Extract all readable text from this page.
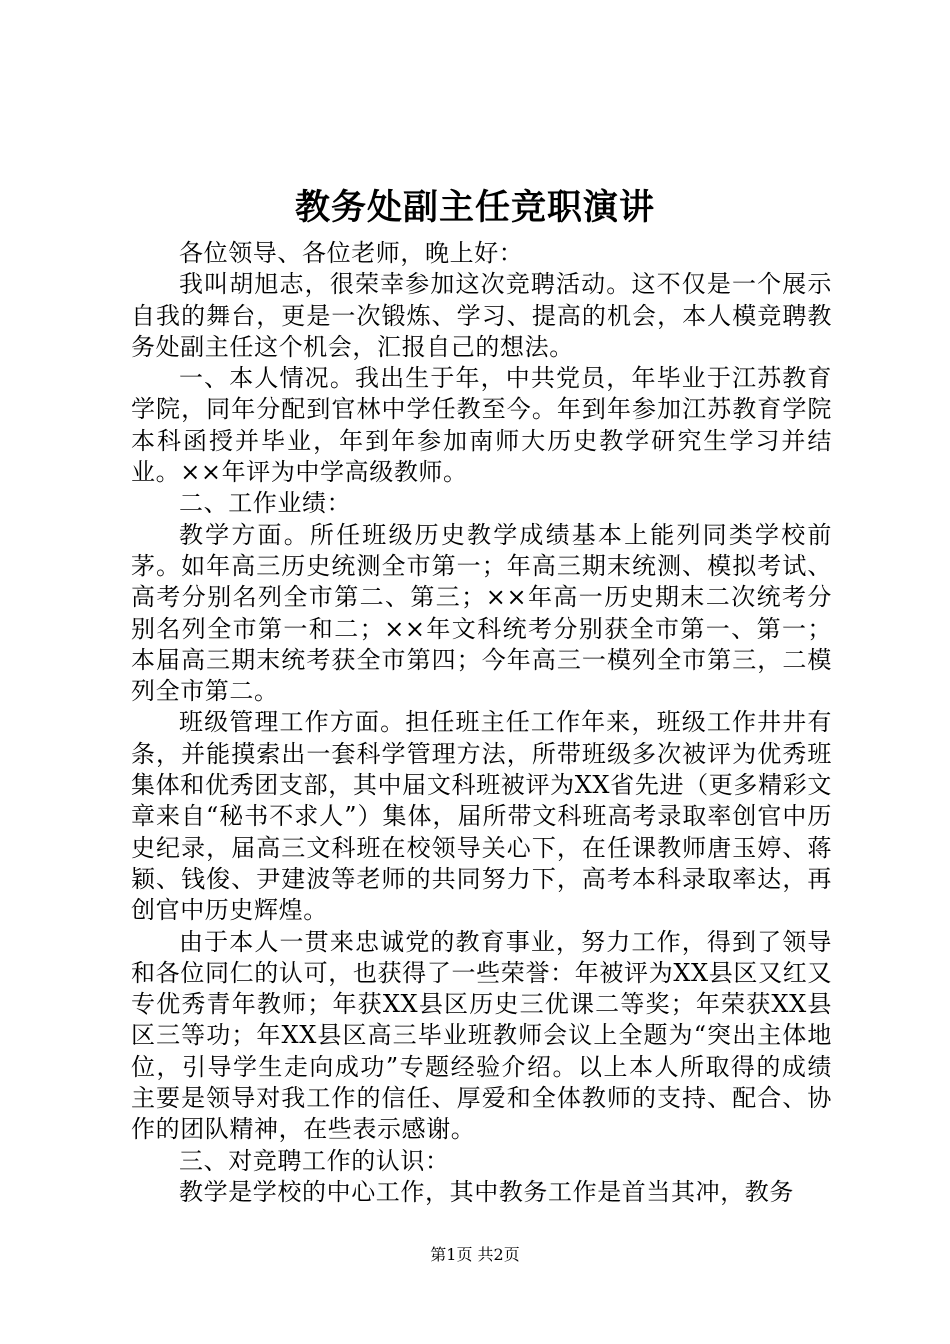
教务处副主任竞职演讲

各位领导、各位老师，晚上好：

我叫胡旭志，很荣幸参加这次竞聘活动。这不仅是一个展示自我的舞台，更是一次锻炼、学习、提高的机会，本人模竞聘教务处副主任这个机会，汇报自己的想法。

一、本人情况。我出生于年，中共党员，年毕业于江苏教育学院，同年分配到官林中学任教至今。年到年参加江苏教育学院本科函授并毕业，年到年参加南师大历史教学研究生学习并结业。××年评为中学高级教师。

二、工作业绩：

教学方面。所任班级历史教学成绩基本上能列同类学校前茅。如年高三历史统测全市第一；年高三期末统测、模拟考试、高考分别名列全市第二、第三；××年高一历史期末二次统考分别名列全市第一和二；××年文科统考分别获全市第一、第一；本届高三期末统考获全市第四；今年高三一模列全市第三，二模列全市第二。

班级管理工作方面。担任班主任工作年来，班级工作井井有条，并能摸索出一套科学管理方法，所带班级多次被评为优秀班集体和优秀团支部，其中届文科班被评为XX省先进（更多精彩文章来自“秘书不求人”）集体，届所带文科班高考录取率创官中历史纪录，届高三文科班在校领导关心下，在任课教师唐玉婷、蒋颖、钱俊、尹建波等老师的共同努力下，高考本科录取率达，再创官中历史辉煌。

由于本人一贯来忠诚党的教育事业，努力工作，得到了领导和各位同仁的认可，也获得了一些荣誉：年被评为XX县区又红又专优秀青年教师；年获XX县区历史三优课二等奖；年荣获XX县区三等功；年XX县区高三毕业班教师会议上全题为“突出主体地位，引导学生走向成功”专题经验介绍。以上本人所取得的成绩主要是领导对我工作的信任、厚爱和全体教师的支持、配合、协作的团队精神，在些表示感谢。

三、对竞聘工作的认识：

教学是学校的中心工作，其中教务工作是首当其冲，教务

第1页 共2页
